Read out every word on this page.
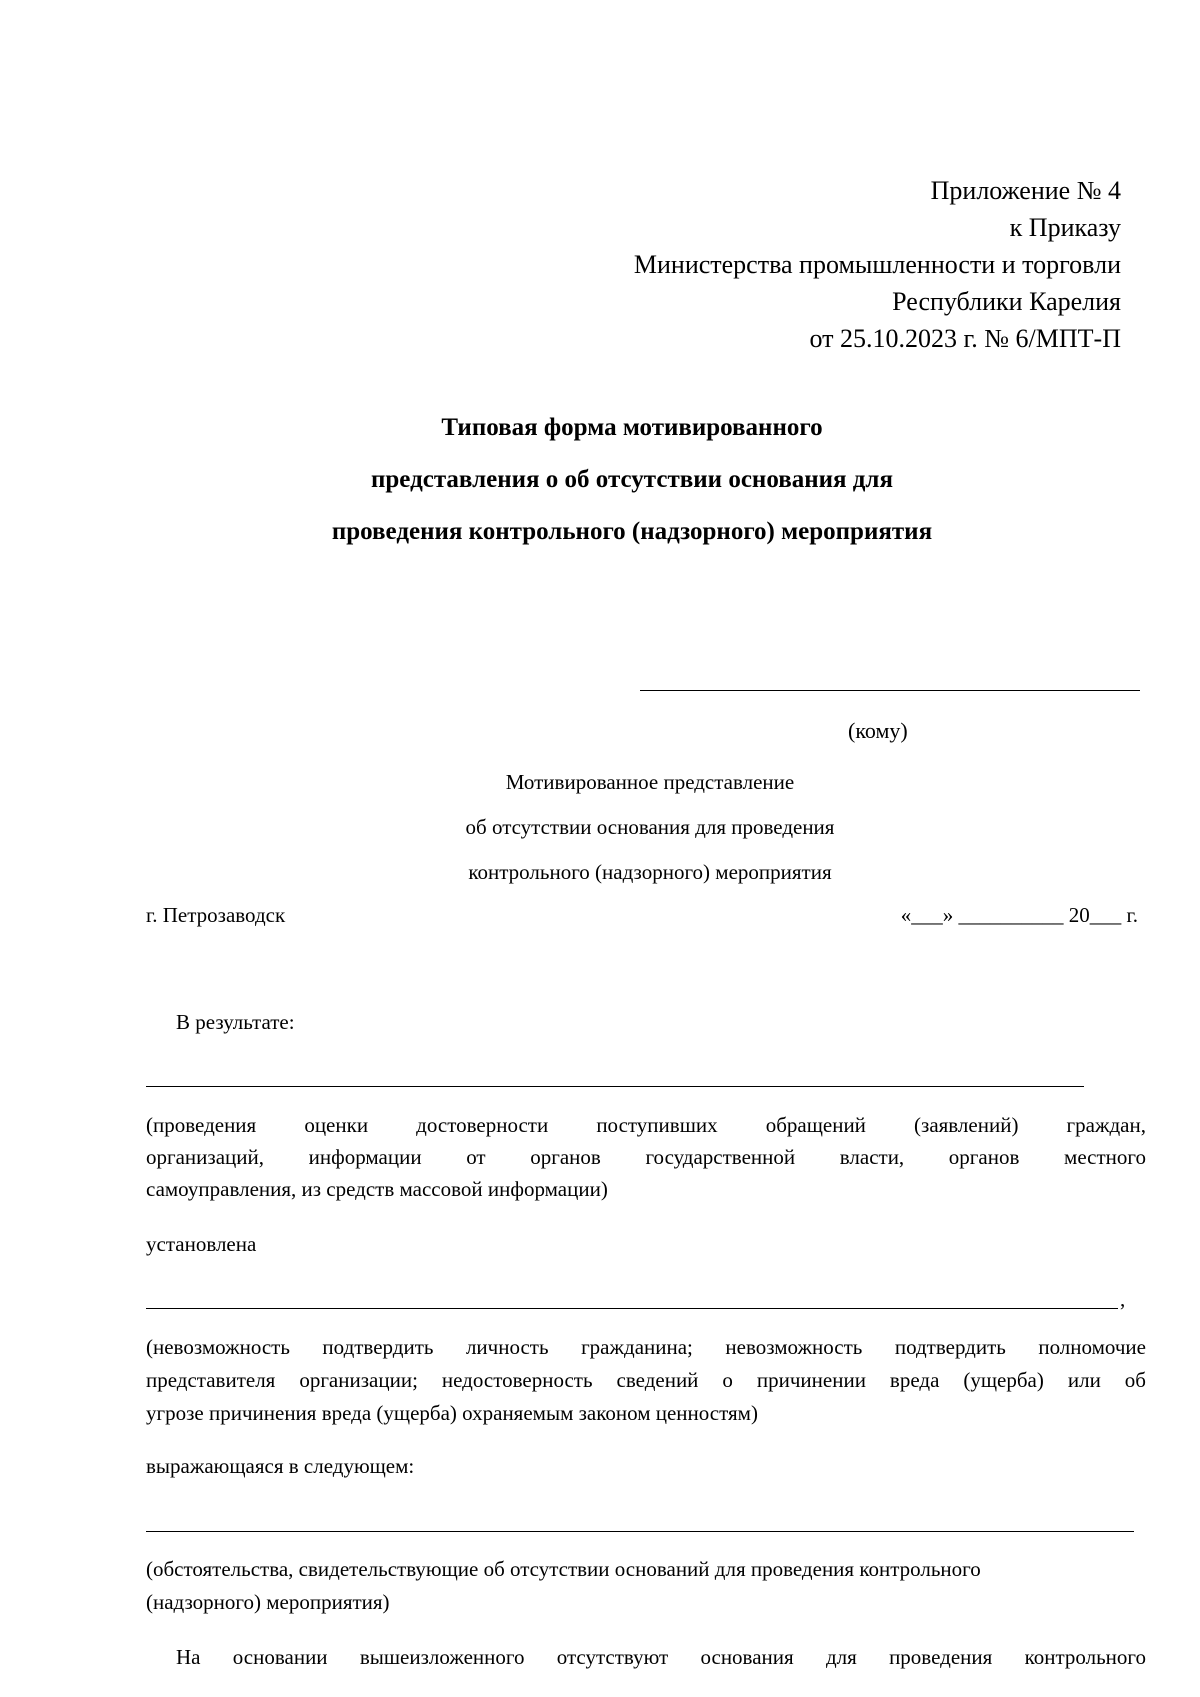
Приложение № 4
к Приказу
Министерства промышленности и торговли
Республики Карелия
от 25.10.2023 г. № 6/МПТ-П
Типовая форма мотивированного
представления о об отсутствии основания для
проведения контрольного (надзорного) мероприятия
(кому)
Мотивированное представление
об отсутствии основания для проведения
контрольного (надзорного) мероприятия
г. Петрозаводск	«___» __________ 20___ г.
В результате:
(проведения оценки достоверности поступивших обращений (заявлений) граждан,
организаций, информации от органов государственной власти, органов местного
самоуправления, из средств массовой информации)
установлена
,
(невозможность подтвердить личность гражданина; невозможность подтвердить полномочие
представителя организации; недостоверность сведений о причинении вреда (ущерба) или об
угрозе причинения вреда (ущерба) охраняемым законом ценностям)
выражающаяся в следующем:
(обстоятельства, свидетельствующие об отсутствии оснований для проведения контрольного
(надзорного) мероприятия)
На основании вышеизложенного отсутствуют основания для проведения контрольного
